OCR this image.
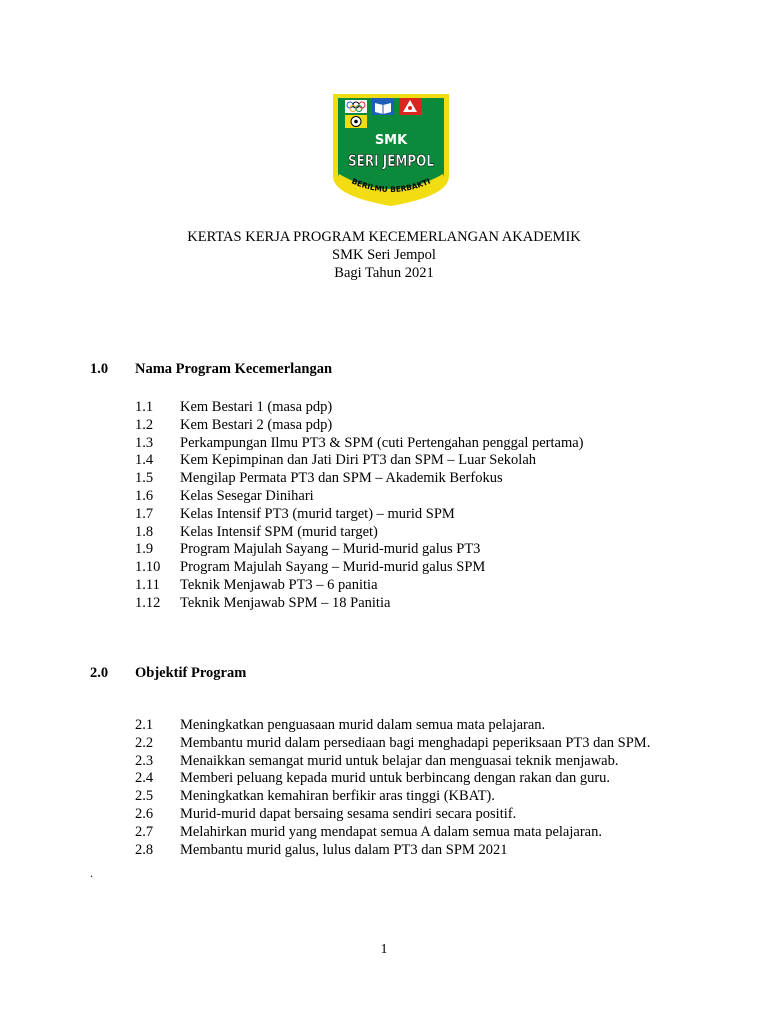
SMK
SERI JEMPOL
BERILMU BERBAKTI
KERTAS KERJA PROGRAM KECEMERLANGAN AKADEMIK
SMK Seri Jempol
Bagi Tahun 2021
1.0 Nama Program Kecemerlangan
1.1 Kem Bestari 1 (masa pdp)
1.2 Kem Bestari 2 (masa pdp)
1.3 Perkampungan Ilmu PT3 & SPM (cuti Pertengahan penggal pertama)
1.4 Kem Kepimpinan dan Jati Diri PT3 dan SPM – Luar Sekolah
1.5 Mengilap Permata PT3 dan SPM – Akademik Berfokus
1.6 Kelas Sesegar Dinihari
1.7 Kelas Intensif PT3 (murid target) – murid SPM
1.8 Kelas Intensif SPM (murid target)
1.9 Program Majulah Sayang – Murid-murid galus PT3
1.10 Program Majulah Sayang – Murid-murid galus SPM
1.11 Teknik Menjawab PT3 – 6 panitia
1.12 Teknik Menjawab SPM – 18 Panitia
2.0 Objektif Program
2.1 Meningkatkan penguasaan murid dalam semua mata pelajaran.
2.2 Membantu murid dalam persediaan bagi menghadapi peperiksaan PT3 dan SPM.
2.3 Menaikkan semangat murid untuk belajar dan menguasai teknik menjawab.
2.4 Memberi peluang kepada murid untuk berbincang dengan rakan dan guru.
2.5 Meningkatkan kemahiran berfikir aras tinggi (KBAT).
2.6 Murid-murid dapat bersaing sesama sendiri secara positif.
2.7 Melahirkan murid yang mendapat semua A dalam semua mata pelajaran.
2.8 Membantu murid galus, lulus dalam PT3 dan SPM 2021
.
1
